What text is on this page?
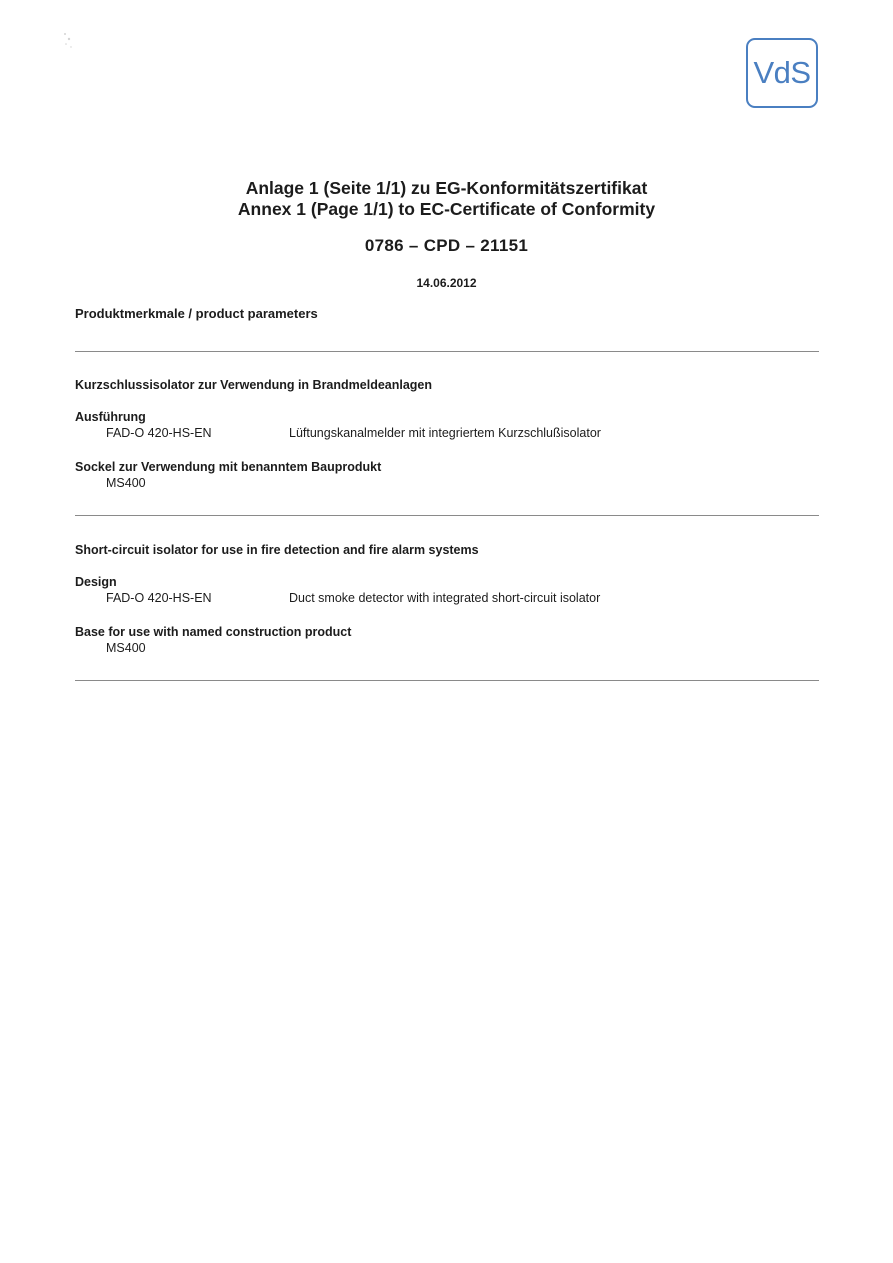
VdS
Anlage 1 (Seite 1/1) zu EG-Konformitätszertifikat
Annex 1 (Page 1/1) to EC-Certificate of Conformity
0786 – CPD – 21151
14.06.2012
Produktmerkmale / product parameters
Kurzschlussisolator zur Verwendung in Brandmeldeanlagen
Ausführung
FAD-O 420-HS-EN	Lüftungskanalmelder mit integriertem Kurzschlußisolator
Sockel zur Verwendung mit benanntem Bauprodukt
MS400
Short-circuit isolator for use in fire detection and fire alarm systems
Design
FAD-O 420-HS-EN	Duct smoke detector with integrated short-circuit isolator
Base for use with named construction product
MS400
